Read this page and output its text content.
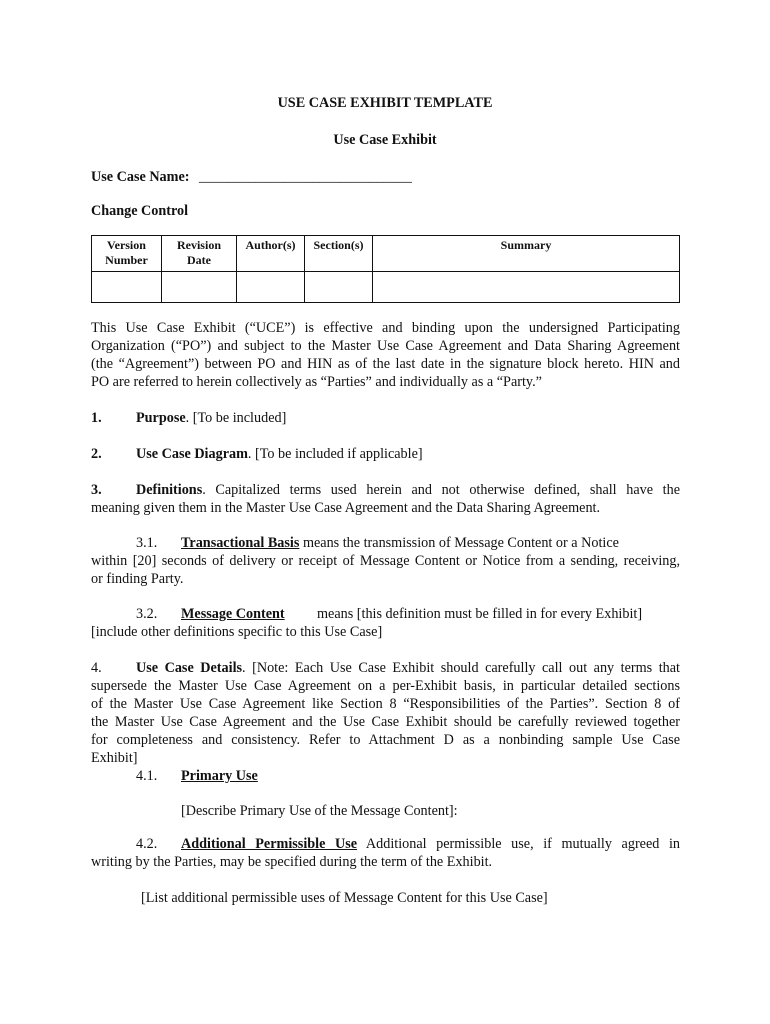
USE CASE EXHIBIT TEMPLATE
Use Case Exhibit
Use Case Name: ______________________________
Change Control
Version Number	Revision Date	Author(s)	Section(s)	Summary

This Use Case Exhibit (“UCE”) is effective and binding upon the undersigned Participating
Organization (“PO”) and subject to the Master Use Case Agreement and Data Sharing Agreement
(the “Agreement”) between PO and HIN as of the last date in the signature block hereto. HIN and
PO are referred to herein collectively as “Parties” and individually as a “Party.”
1. Purpose. [To be included]
2. Use Case Diagram. [To be included if applicable]
3. Definitions. Capitalized terms used herein and not otherwise defined, shall have the
meaning given them in the Master Use Case Agreement and the Data Sharing Agreement.
3.1. Transactional Basis means the transmission of Message Content or a Notice
within [20] seconds of delivery or receipt of Message Content or Notice from a sending, receiving,
or finding Party.
3.2. Message Content means [this definition must be filled in for every Exhibit]
[include other definitions specific to this Use Case]
4. Use Case Details. [Note: Each Use Case Exhibit should carefully call out any terms that
supersede the Master Use Case Agreement on a per-Exhibit basis, in particular detailed sections
of the Master Use Case Agreement like Section 8 “Responsibilities of the Parties”. Section 8 of
the Master Use Case Agreement and the Use Case Exhibit should be carefully reviewed together
for completeness and consistency. Refer to Attachment D as a nonbinding sample Use Case
Exhibit]
4.1. Primary Use
[Describe Primary Use of the Message Content]:
4.2. Additional Permissible Use Additional permissible use, if mutually agreed in
writing by the Parties, may be specified during the term of the Exhibit.
[List additional permissible uses of Message Content for this Use Case]
